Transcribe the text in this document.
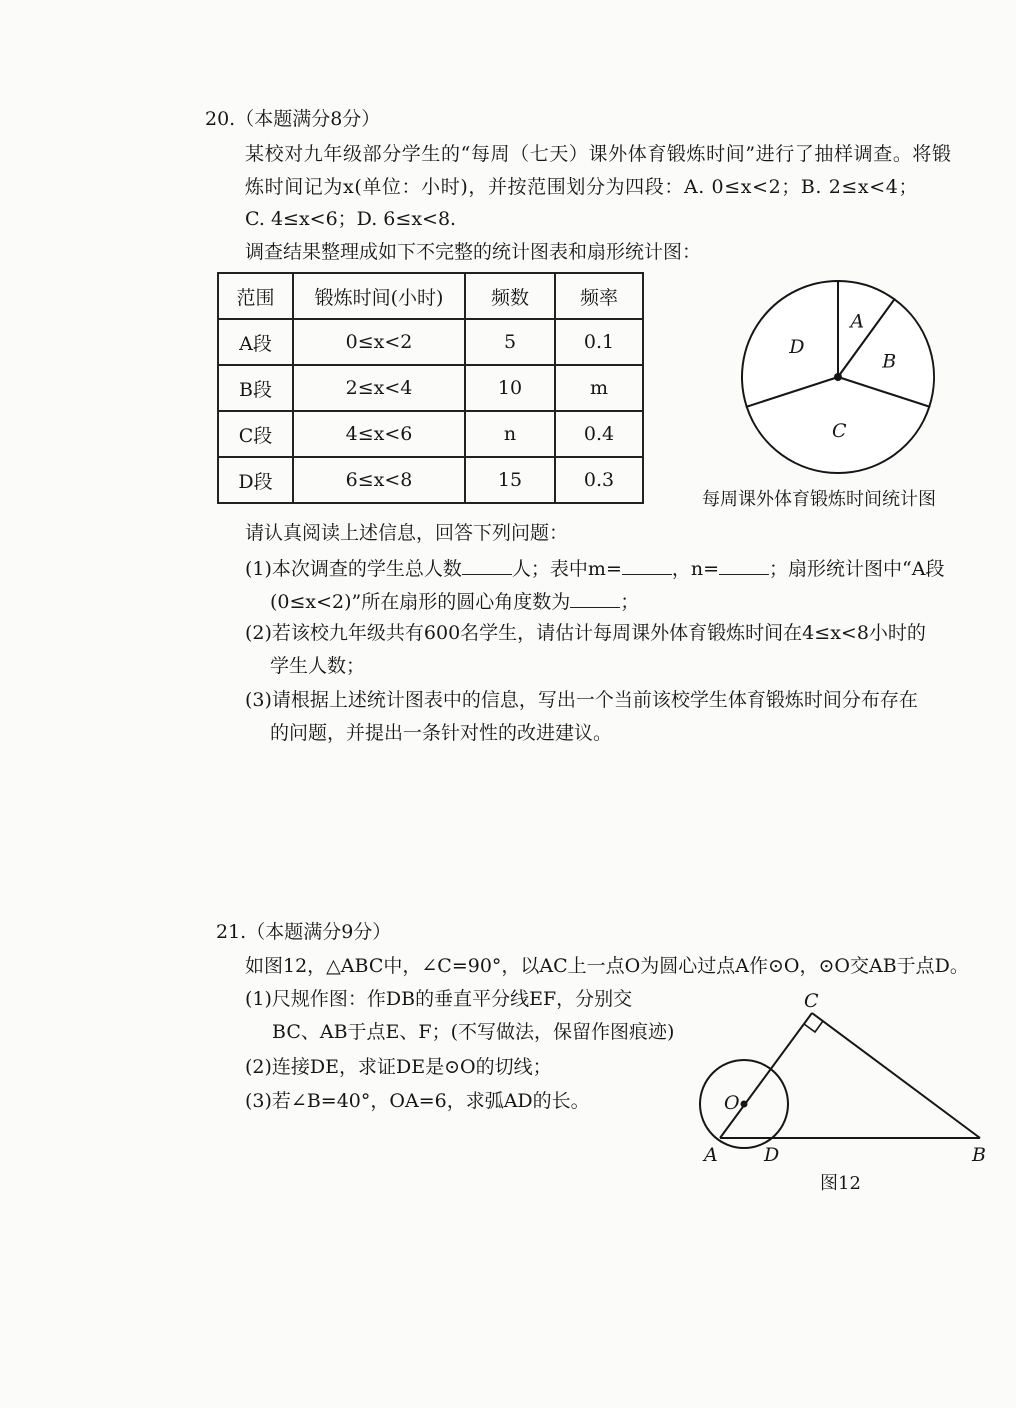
20.（本题满分8分）
某校对九年级部分学生的“每周（七天）课外体育锻炼时间”进行了抽样调查。将锻
炼时间记为x(单位：小时)，并按范围划分为四段：A. 0≤x<2；B. 2≤x<4；
C. 4≤x<6；D. 6≤x<8.
调查结果整理成如下不完整的统计图表和扇形统计图：
范围	锻炼时间(小时)	频数	频率
A段	0≤x<2	5	0.1
B段	2≤x<4	10	m
C段	4≤x<6	n	0.4
D段	6≤x<8	15	0.3
A
B
C
D
每周课外体育锻炼时间统计图
请认真阅读上述信息，回答下列问题：
(1)本次调查的学生总人数	人；表中m=	，n=	；扇形统计图中“A段
(0≤x<2)”所在扇形的圆心角度数为	；
(2)若该校九年级共有600名学生，请估计每周课外体育锻炼时间在4≤x<8小时的
学生人数；
(3)请根据上述统计图表中的信息，写出一个当前该校学生体育锻炼时间分布存在
的问题，并提出一条针对性的改进建议。
21.（本题满分9分）
如图12，△ABC中，∠C=90°，以AC上一点O为圆心过点A作⊙O，⊙O交AB于点D。
(1)尺规作图：作DB的垂直平分线EF，分别交
BC、AB于点E、F；(不写做法，保留作图痕迹)
(2)连接DE，求证DE是⊙O的切线；
(3)若∠B=40°，OA=6，求弧AD的长。
C
O
A D	B
图12
